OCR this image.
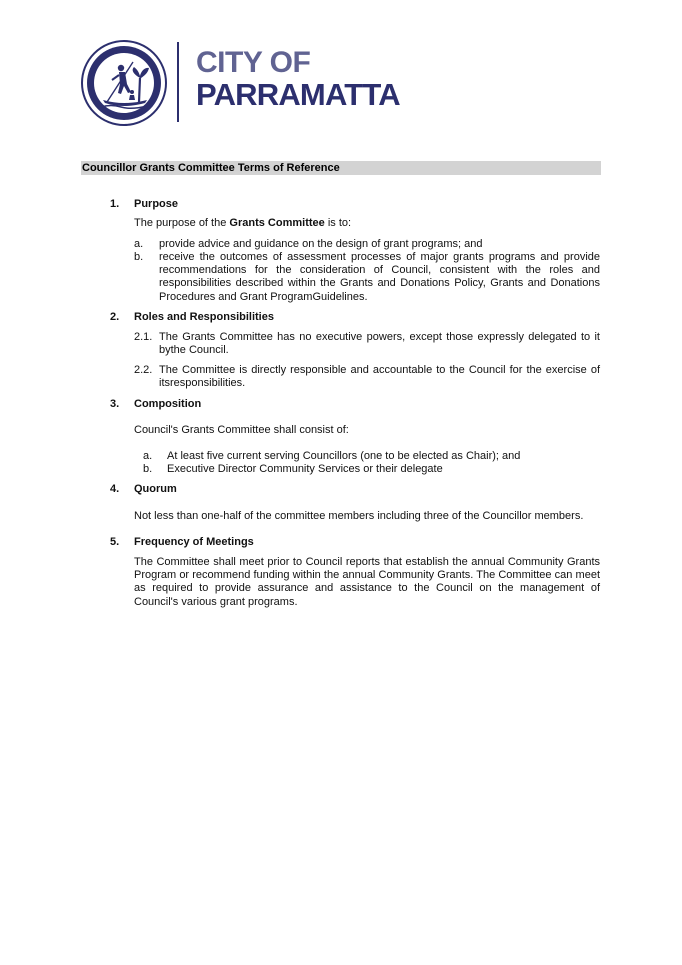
CITY OF
PARRAMATTA
Councillor Grants Committee Terms of Reference
1. Purpose
The purpose of the Grants Committee is to:
a. provide advice and guidance on the design of grant programs; and
b. receive the outcomes of assessment processes of major grants programs and provide recommendations for the consideration of Council, consistent with the roles and responsibilities described within the Grants and Donations Policy, Grants and Donations Procedures and Grant ProgramGuidelines.
2. Roles and Responsibilities
2.1. The Grants Committee has no executive powers, except those expressly delegated to it bythe Council.
2.2. The Committee is directly responsible and accountable to the Council for the exercise of itsresponsibilities.
3. Composition
Council's Grants Committee shall consist of:
a. At least five current serving Councillors (one to be elected as Chair); and
b. Executive Director Community Services or their delegate
4. Quorum
Not less than one-half of the committee members including three of the Councillor members.
5. Frequency of Meetings
The Committee shall meet prior to Council reports that establish the annual Community Grants Program or recommend funding within the annual Community Grants. The Committee can meet as required to provide assurance and assistance to the Council on the management of Council's various grant programs.
